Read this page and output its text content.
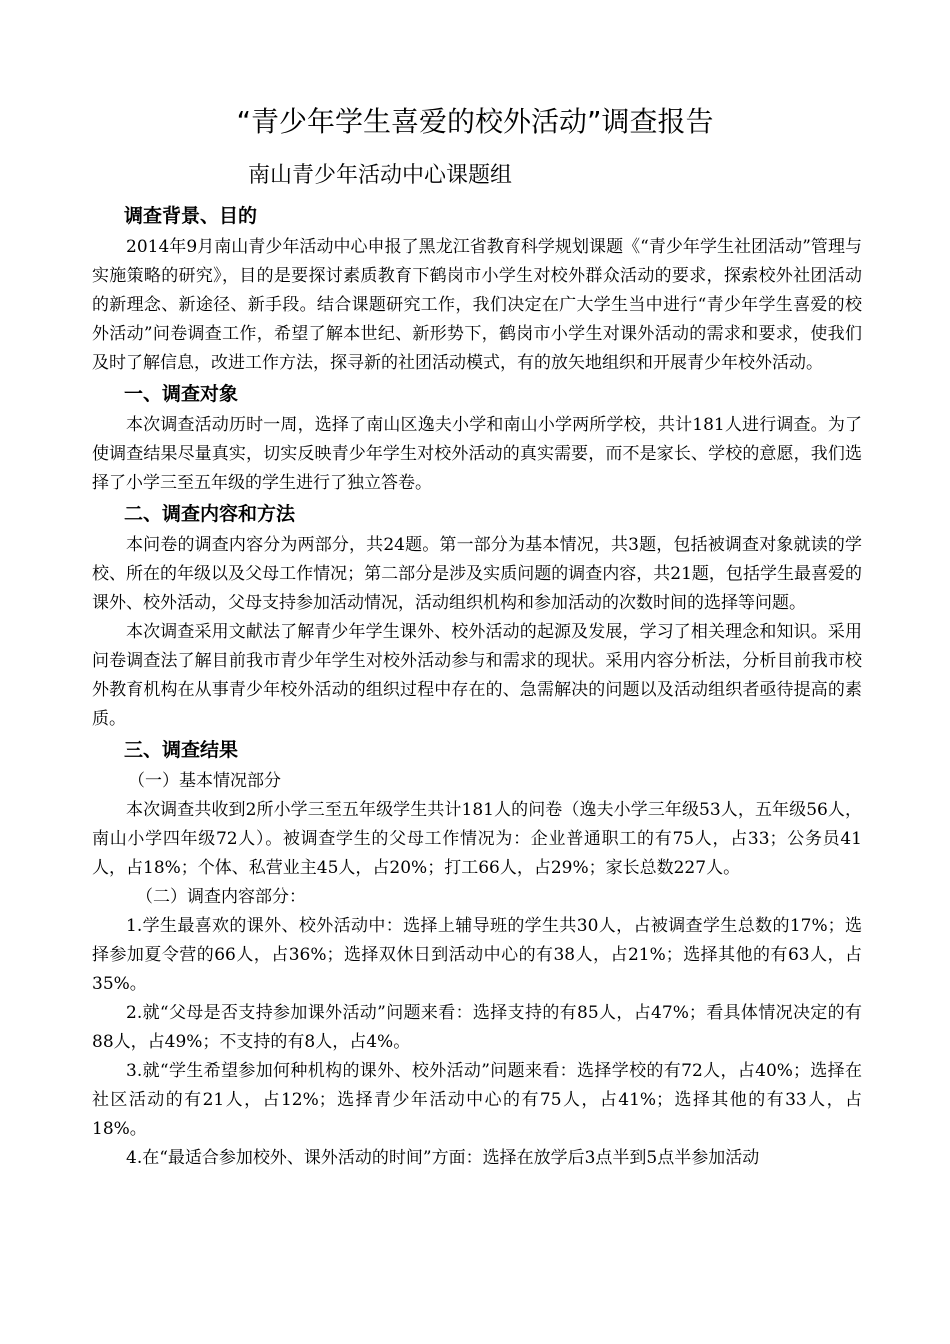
“青少年学生喜爱的校外活动”调查报告
南山青少年活动中心课题组
调查背景、目的

2014年9月南山青少年活动中心申报了黑龙江省教育科学规划课题《“青少年学生社团活动”管理与实施策略的研究》，目的是要探讨素质教育下鹤岗市小学生对校外群众活动的要求，探索校外社团活动的新理念、新途径、新手段。结合课题研究工作，我们决定在广大学生当中进行“青少年学生喜爱的校外活动”问卷调查工作，希望了解本世纪、新形势下，鹤岗市小学生对课外活动的需求和要求，使我们及时了解信息，改进工作方法，探寻新的社团活动模式，有的放矢地组织和开展青少年校外活动。

一、调查对象

本次调查活动历时一周，选择了南山区逸夫小学和南山小学两所学校，共计181人进行调查。为了使调查结果尽量真实，切实反映青少年学生对校外活动的真实需要，而不是家长、学校的意愿，我们选择了小学三至五年级的学生进行了独立答卷。

二、调查内容和方法

本问卷的调查内容分为两部分，共24题。第一部分为基本情况，共3题，包括被调查对象就读的学校、所在的年级以及父母工作情况；第二部分是涉及实质问题的调查内容，共21题，包括学生最喜爱的课外、校外活动，父母支持参加活动情况，活动组织机构和参加活动的次数时间的选择等问题。

本次调查采用文献法了解青少年学生课外、校外活动的起源及发展，学习了相关理念和知识。采用问卷调查法了解目前我市青少年学生对校外活动参与和需求的现状。采用内容分析法，分析目前我市校外教育机构在从事青少年校外活动的组织过程中存在的、急需解决的问题以及活动组织者亟待提高的素质。

三、调查结果

（一）基本情况部分

本次调查共收到2所小学三至五年级学生共计181人的问卷（逸夫小学三年级53人，五年级56人，南山小学四年级72人）。被调查学生的父母工作情况为：企业普通职工的有75人，占33；公务员41人，占18%；个体、私营业主45人，占20%；打工66人，占29%；家长总数227人。

（二）调查内容部分：

1.学生最喜欢的课外、校外活动中：选择上辅导班的学生共30人，占被调查学生总数的17%；选择参加夏令营的66人，占36%；选择双休日到活动中心的有38人，占21%；选择其他的有63人，占35%。

2.就“父母是否支持参加课外活动”问题来看：选择支持的有85人，占47%；看具体情况决定的有88人，占49%；不支持的有8人，占4%。

3.就“学生希望参加何种机构的课外、校外活动”问题来看：选择学校的有72人，占40%；选择在社区活动的有21人，占12%；选择青少年活动中心的有75人，占41%；选择其他的有33人，占18%。

4.在“最适合参加校外、课外活动的时间”方面：选择在放学后3点半到5点半参加活动
